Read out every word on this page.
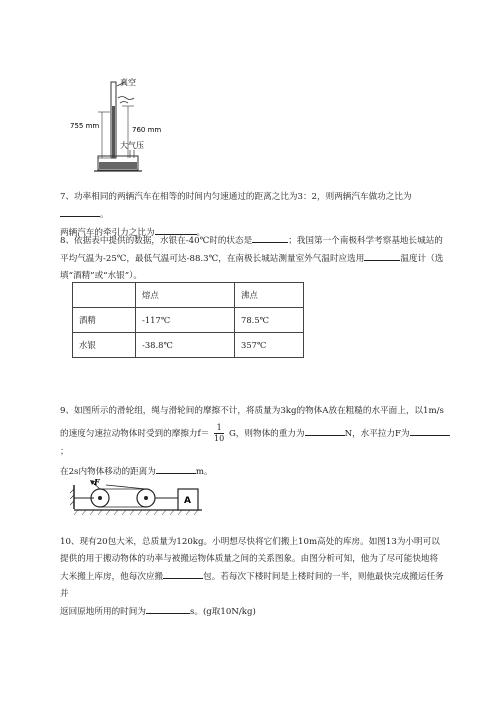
真空
755 mm	760 mm
大气压
7、功率相同的两辆汽车在相等的时间内匀速通过的距离之比为3：2，则两辆汽车做功之比为。
两辆汽车的牵引力之比为	。
8、依据表中提供的数据，水银在-40℃时的状态是	；我国第一个南极科学考察基地长城站的
平均气温为-25℃，最低气温可达-88.3℃，在南极长城站测量室外气温时应选用	温度计（选
填“酒精”或“水银”）。
	熔点	沸点
酒精	-117℃	78.5℃
水银	-38.8℃	357℃
9、如图所示的滑轮组，绳与滑轮间的摩擦不计，将质量为3kg的物体A放在粗糙的水平面上，以1m/s
的速度匀速拉动物体时受到的摩擦力$f= \frac{1}{10}$ G，则物体的重力为	N，水平拉力F为；
在2s内物体移动的距离为	m。
F
A
10、现有20包大米，总质量为120kg。小明想尽快将它们搬上10m高处的库房。如图13为小明可以
提供的用于搬动物体的功率与被搬运物体质量之间的关系图象。由图分析可知，他为了尽可能快地将
大米搬上库房，他每次应搬	包。若每次下楼时间是上楼时间的一半，则他最快完成搬运任务并
返回原地所用的时间为	s。(g取10N/kg)
